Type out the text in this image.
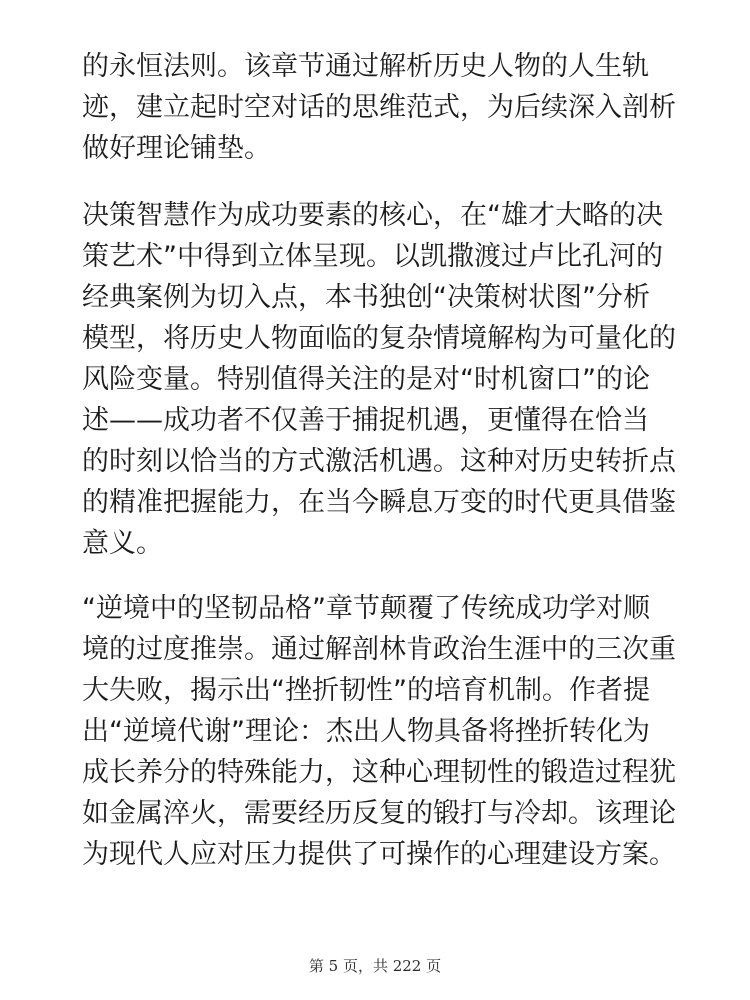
的永恒法则。该章节通过解析历史人物的人生轨
迹，建立起时空对话的思维范式，为后续深入剖析
做好理论铺垫。
决策智慧作为成功要素的核心，在“雄才大略的决
策艺术”中得到立体呈现。以凯撒渡过卢比孔河的
经典案例为切入点，本书独创“决策树状图”分析
模型，将历史人物面临的复杂情境解构为可量化的
风险变量。特别值得关注的是对“时机窗口”的论
述——成功者不仅善于捕捉机遇，更懂得在恰当
的时刻以恰当的方式激活机遇。这种对历史转折点
的精准把握能力，在当今瞬息万变的时代更具借鉴
意义。
“逆境中的坚韧品格”章节颠覆了传统成功学对顺
境的过度推崇。通过解剖林肯政治生涯中的三次重
大失败，揭示出“挫折韧性”的培育机制。作者提
出“逆境代谢”理论：杰出人物具备将挫折转化为
成长养分的特殊能力，这种心理韧性的锻造过程犹
如金属淬火，需要经历反复的锻打与冷却。该理论
为现代人应对压力提供了可操作的心理建设方案。
第 5 页，共 222 页
